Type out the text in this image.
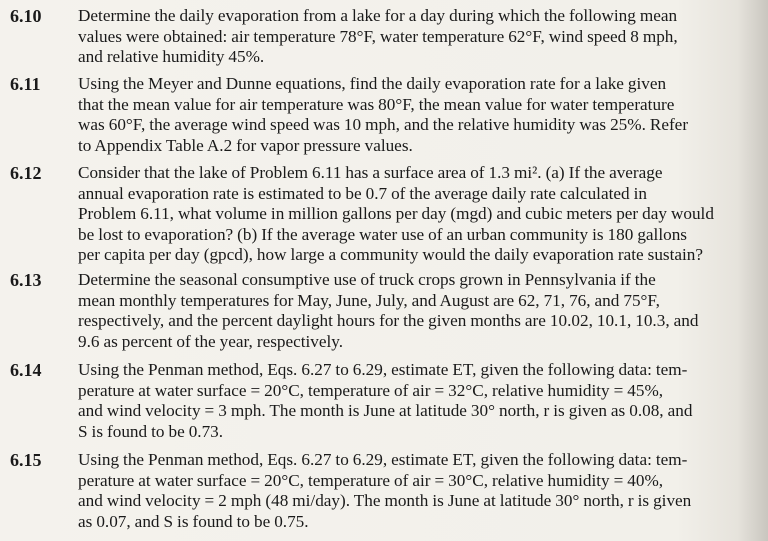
6.10 Determine the daily evaporation from a lake for a day during which the following mean
values were obtained: air temperature 78°F, water temperature 62°F, wind speed 8 mph,
and relative humidity 45%.
6.11 Using the Meyer and Dunne equations, find the daily evaporation rate for a lake given
that the mean value for air temperature was 80°F, the mean value for water temperature
was 60°F, the average wind speed was 10 mph, and the relative humidity was 25%. Refer
to Appendix Table A.2 for vapor pressure values.
6.12 Consider that the lake of Problem 6.11 has a surface area of 1.3 mi². (a) If the average
annual evaporation rate is estimated to be 0.7 of the average daily rate calculated in
Problem 6.11, what volume in million gallons per day (mgd) and cubic meters per day would
be lost to evaporation? (b) If the average water use of an urban community is 180 gallons
per capita per day (gpcd), how large a community would the daily evaporation rate sustain?
6.13 Determine the seasonal consumptive use of truck crops grown in Pennsylvania if the
mean monthly temperatures for May, June, July, and August are 62, 71, 76, and 75°F,
respectively, and the percent daylight hours for the given months are 10.02, 10.1, 10.3, and
9.6 as percent of the year, respectively.
6.14 Using the Penman method, Eqs. 6.27 to 6.29, estimate ET, given the following data: tem-
perature at water surface = 20°C, temperature of air = 32°C, relative humidity = 45%,
and wind velocity = 3 mph. The month is June at latitude 30° north, r is given as 0.08, and
S is found to be 0.73.
6.15 Using the Penman method, Eqs. 6.27 to 6.29, estimate ET, given the following data: tem-
perature at water surface = 20°C, temperature of air = 30°C, relative humidity = 40%,
and wind velocity = 2 mph (48 mi/day). The month is June at latitude 30° north, r is given
as 0.07, and S is found to be 0.75.
